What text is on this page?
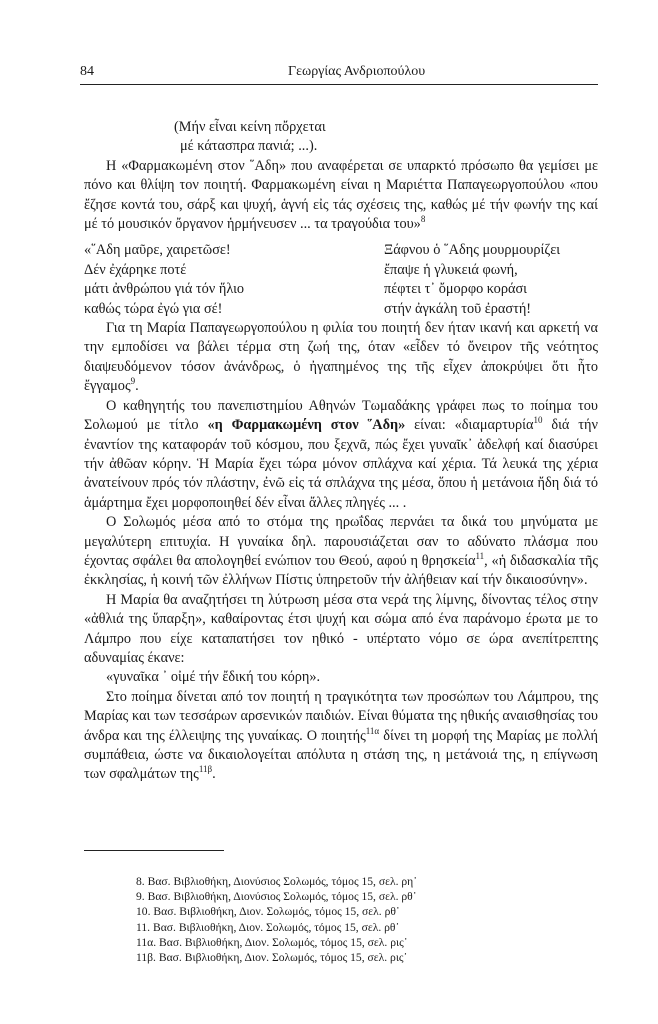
84	Γεωργίας Ανδριοπούλου

(Μήν εἶναι κείνη πὄρχεται

μέ κάτασπρα πανιά; ...).

Η «Φαρμακωμένη στον ῞Αδη» που αναφέρεται σε υπαρκτό πρόσωπο θα γεμίσει με πόνο και θλίψη τον ποιητή. Φαρμακωμένη είναι η Μαριέττα Παπαγεωργοπούλου «που ἔζησε κοντά του, σάρξ και ψυχή, ἁγνή εἰς τάς σχέσεις της, καθώς μέ τήν φωνήν της καί μέ τό μουσικόν ὄργανον ἡρμήνευσεν ... τα τραγούδια του»$^8$

«῞Αδη μαῦρε, χαιρετῶσε!
Δέν ἐχάρηκε ποτέ
μάτι ἀνθρώπου γιά τόν ἥλιο
καθώς τώρα ἐγώ για σέ!
Ξάφνου ὁ ῞Αδης μουρμουρίζει
ἔπαψε ἡ γλυκειά φωνή,
πέφτει τ᾽ ὄμορφο κοράσι
στήν ἀγκάλη τοῦ ἐραστή!

Για τη Μαρία Παπαγεωργοπούλου η φιλία του ποιητή δεν ήταν ικανή και αρκετή να την εμποδίσει να βάλει τέρμα στη ζωή της, όταν «εἶδεν τό ὄνειρον τῆς νεότητος διαψευδόμενον τόσον ἀνάνδρως, ὁ ἠγαπημένος της τῆς εἶχεν ἀποκρύψει ὅτι ἦτο ἔγγαμος$^9$.

Ο καθηγητής του πανεπιστημίου Αθηνών Τωμαδάκης γράφει πως το ποίημα του Σολωμού με τίτλο «η Φαρμακωμένη στον ῞Αδη» είναι: «διαμαρτυρία$^{10}$ διά τήν ἐναντίον της καταφοράν τοῦ κόσμου, που ξεχνᾶ, πώς ἔχει γυναῖκ᾽ ἀδελφή καί διασύρει τήν ἀθῶαν κόρην. Ἡ Μαρία ἔχει τώρα μόνον σπλάχνα καί χέρια. Τά λευκά της χέρια ἀνατείνουν πρός τόν πλάστην, ἐνῶ εἰς τά σπλάχνα της μέσα, ὅπου ἡ μετάνοια ἤδη διά τό ἁμάρτημα ἔχει μορφοποιηθεί δέν εἶναι ἄλλες πληγές ... .

Ο Σολωμός μέσα από το στόμα της ηρωΐδας περνάει τα δικά του μηνύματα με μεγαλύτερη επιτυχία. Η γυναίκα δηλ. παρουσιάζεται σαν το αδύνατο πλάσμα που έχοντας σφάλει θα απολογηθεί ενώπιον του Θεού, αφού η θρησκεία$^{11}$, «ἡ διδασκαλία τῆς ἐκκλησίας, ἡ κοινή τῶν ἐλλήνων Πίστις ὑπηρετοῦν τήν ἀλήθειαν καί τήν δικαιοσύνην».

Η Μαρία θα αναζητήσει τη λύτρωση μέσα στα νερά της λίμνης, δίνοντας τέλος στην «ἀθλιά της ὕπαρξη», καθαίροντας έτσι ψυχή και σώμα από ένα παράνομο έρωτα με το Λάμπρο που είχε καταπατήσει τον ηθικό - υπέρτατο νόμο σε ώρα ανεπίτρεπτης αδυναμίας έκανε:

«γυναῖκα ᾽ οἰμέ τήν ἔδική του κόρη».

Στο ποίημα δίνεται από τον ποιητή η τραγικότητα των προσώπων του Λάμπρου, της Μαρίας και των τεσσάρων αρσενικών παιδιών. Είναι θύματα της ηθικής αναισθησίας του άνδρα και της έλλειψης της γυναίκας. Ο ποιητής$^{11\alpha}$ δίνει τη μορφή της Μαρίας με πολλή συμπάθεια, ώστε να δικαιολογείται απόλυτα η στάση της, η μετάνοιά της, η επίγνωση των σφαλμάτων της$^{11\beta}$.

8. Βασ. Βιβλιοθήκη, Διονύσιος Σολωμός, τόμος 15, σελ. ρη᾽
9. Βασ. Βιβλιοθήκη, Διονύσιος Σολωμός, τόμος 15, σελ. ρθ᾽
10. Βασ. Βιβλιοθήκη, Διον. Σολωμός, τόμος 15, σελ. ρθ᾽
11. Βασ. Βιβλιοθήκη, Διον. Σολωμός, τόμος 15, σελ. ρθ᾽
11α. Βασ. Βιβλιοθήκη, Διον. Σολωμός, τόμος 15, σελ. ρις᾽
11β. Βασ. Βιβλιοθήκη, Διον. Σολωμός, τόμος 15, σελ. ρις᾽
